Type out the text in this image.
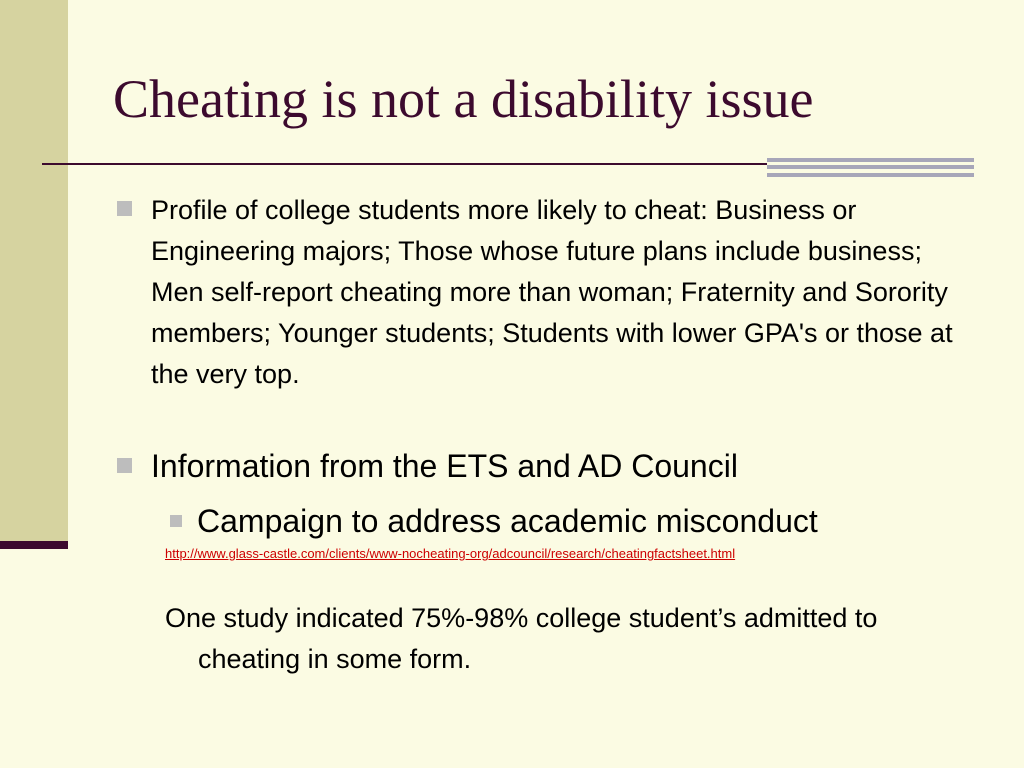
Cheating is not a disability issue
Profile of college students more likely to cheat: Business or Engineering majors; Those whose future plans include business; Men self-report cheating more than woman; Fraternity and Sorority members; Younger students; Students with lower GPA's or those at the very top.
Information from the ETS and AD Council
Campaign to address academic misconduct
http://www.glass-castle.com/clients/www-nocheating-org/adcouncil/research/cheatingfactsheet.html
One study indicated 75%-98% college student’s admitted to cheating in some form.
